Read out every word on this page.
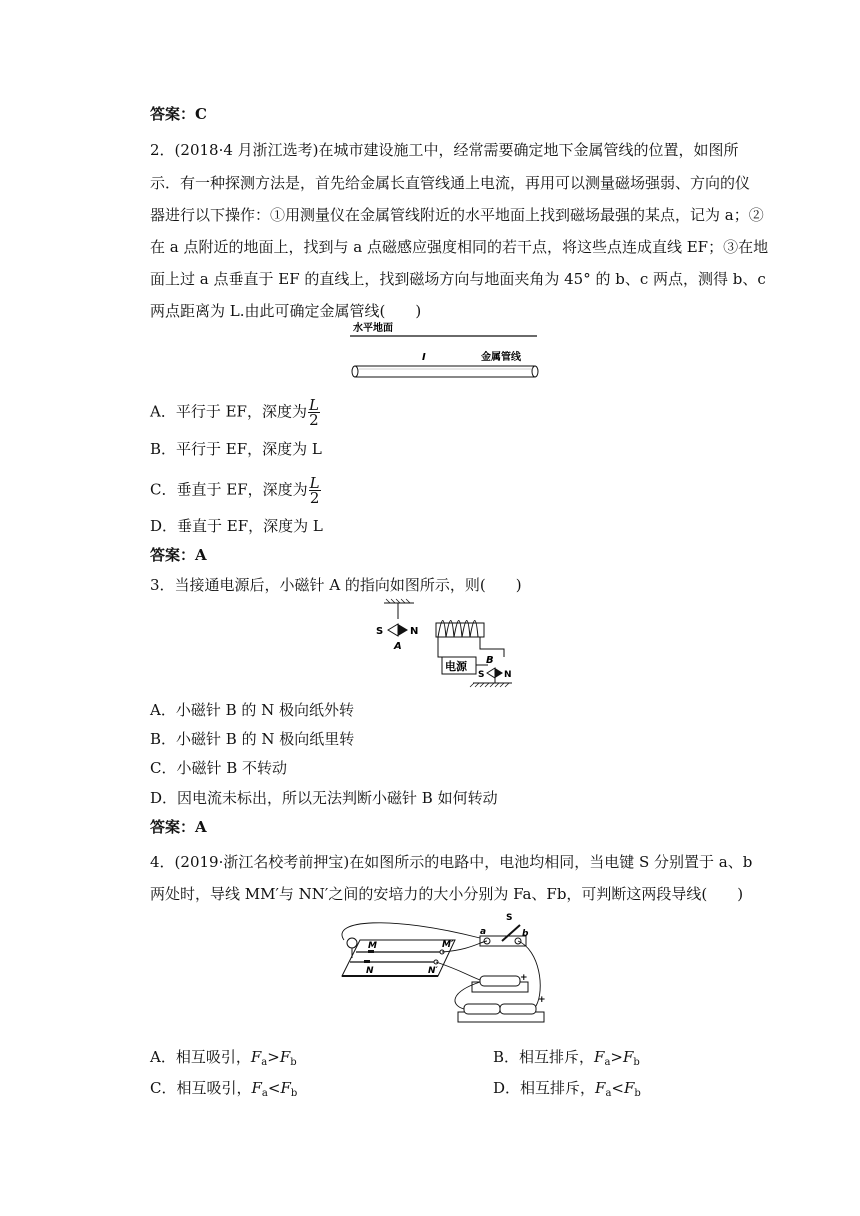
答案：C
2．(2018·4 月浙江选考)在城市建设施工中，经常需要确定地下金属管线的位置，如图所
示．有一种探测方法是，首先给金属长直管线通上电流，再用可以测量磁场强弱、方向的仪
器进行以下操作：①用测量仪在金属管线附近的水平地面上找到磁场最强的某点，记为 a；②
在 a 点附近的地面上，找到与 a 点磁感应强度相同的若干点，将这些点连成直线 EF；③在地
面上过 a 点垂直于 EF 的直线上，找到磁场方向与地面夹角为 45° 的 b、c 两点，测得 b、c
两点距离为 L.由此可确定金属管线(　　)
水平地面
I	金属管线
A．平行于 EF，深度为 $\frac{L}{2}$
B．平行于 EF，深度为 L
C．垂直于 EF，深度为 $\frac{L}{2}$
D．垂直于 EF，深度为 L
答案：A
3．当接通电源后，小磁针 A 的指向如图所示，则(　　)
S	N
A
电源 B
S N
A．小磁针 B 的 N 极向纸外转
B．小磁针 B 的 N 极向纸里转
C．小磁针 B 不转动
D．因电流未标出，所以无法判断小磁针 B 如何转动
答案：A
4．(2019·浙江名校考前押宝)在如图所示的电路中，电池均相同，当电键 S 分别置于 a、b
两处时，导线 MM′与 NN′之间的安培力的大小分别为 Fa、Fb，可判断这两段导线(　　)
M
N
M′
N′
S
a	b
+
+
A．相互吸引，$F_a>F_b$	B．相互排斥，$F_a>F_b$
C．相互吸引，$F_a<F_b$	D．相互排斥，$F_a<F_b$
